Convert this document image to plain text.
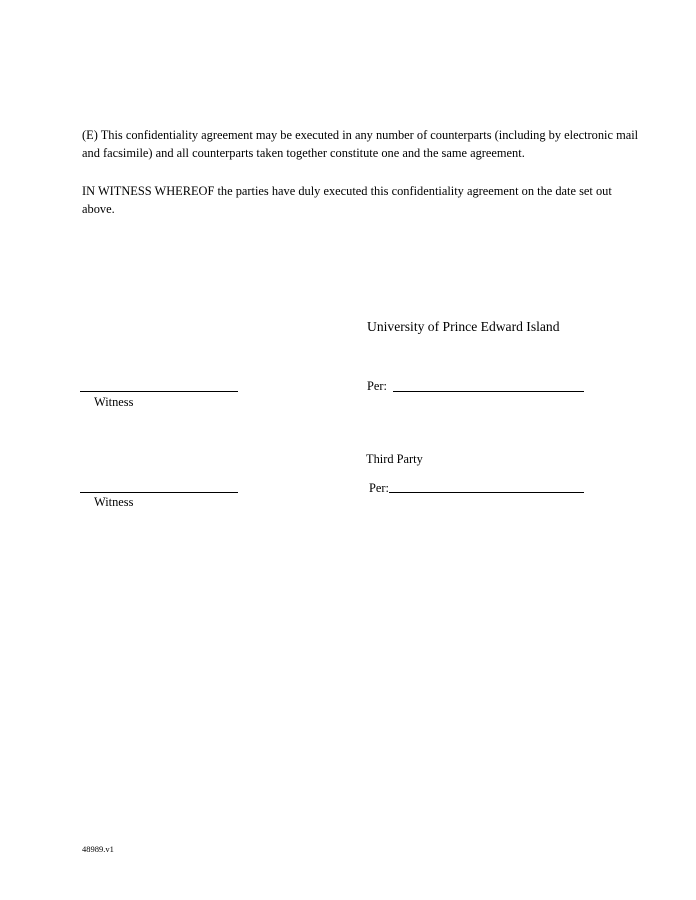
(E) This confidentiality agreement may be executed in any number of counterparts (including by electronic mail and facsimile) and all counterparts taken together constitute one and the same agreement.

IN WITNESS WHEREOF the parties have duly executed this confidentiality agreement on the date set out above.

University of Prince Edward Island
Witness
Per:
Third Party
Witness
Per:
48989.v1
